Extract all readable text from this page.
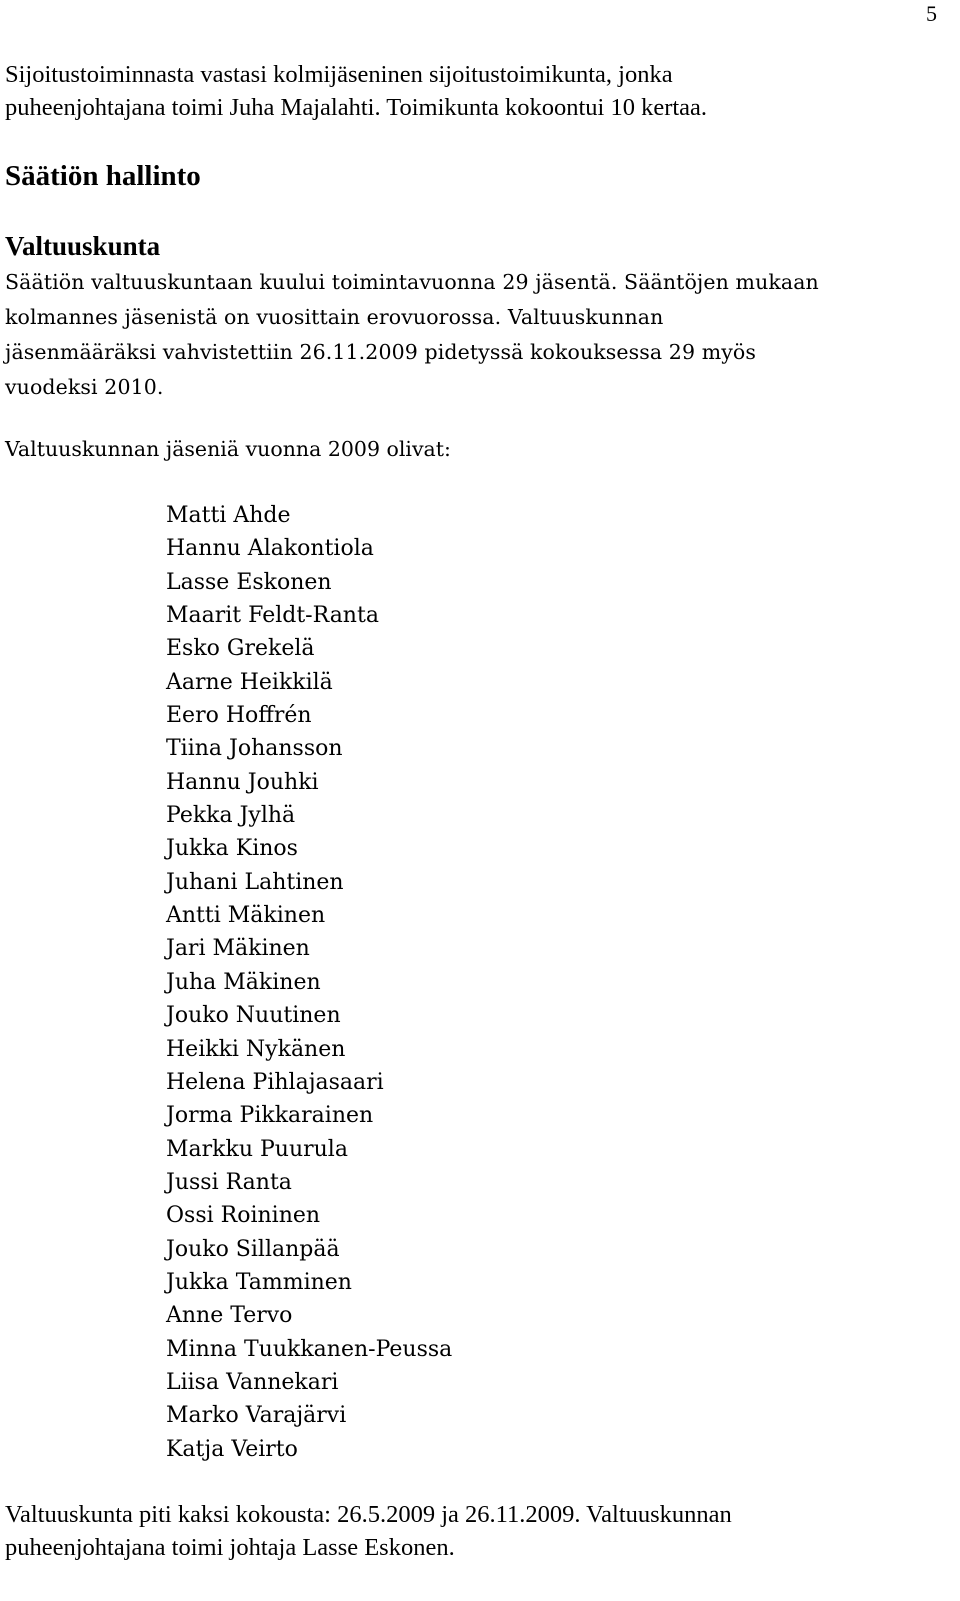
5
Sijoitustoiminnasta vastasi kolmijäseninen sijoitustoimikunta, jonka
puheenjohtajana toimi Juha Majalahti. Toimikunta kokoontui 10 kertaa.
Säätiön hallinto
Valtuuskunta
Säätiön valtuuskuntaan kuului toimintavuonna 29 jäsentä. Sääntöjen mukaan
kolmannes jäsenistä on vuosittain erovuorossa. Valtuuskunnan
jäsenmääräksi vahvistettiin 26.11.2009 pidetyssä kokouksessa 29 myös
vuodeksi 2010.
Valtuuskunnan jäseniä vuonna 2009 olivat:
Matti Ahde
Hannu Alakontiola
Lasse Eskonen
Maarit Feldt-Ranta
Esko Grekelä
Aarne Heikkilä
Eero Hoffrén
Tiina Johansson
Hannu Jouhki
Pekka Jylhä
Jukka Kinos
Juhani Lahtinen
Antti Mäkinen
Jari Mäkinen
Juha Mäkinen
Jouko Nuutinen
Heikki Nykänen
Helena Pihlajasaari
Jorma Pikkarainen
Markku Puurula
Jussi Ranta
Ossi Roininen
Jouko Sillanpää
Jukka Tamminen
Anne Tervo
Minna Tuukkanen-Peussa
Liisa Vannekari
Marko Varajärvi
Katja Veirto
Valtuuskunta piti kaksi kokousta: 26.5.2009 ja 26.11.2009. Valtuuskunnan
puheenjohtajana toimi johtaja Lasse Eskonen.
